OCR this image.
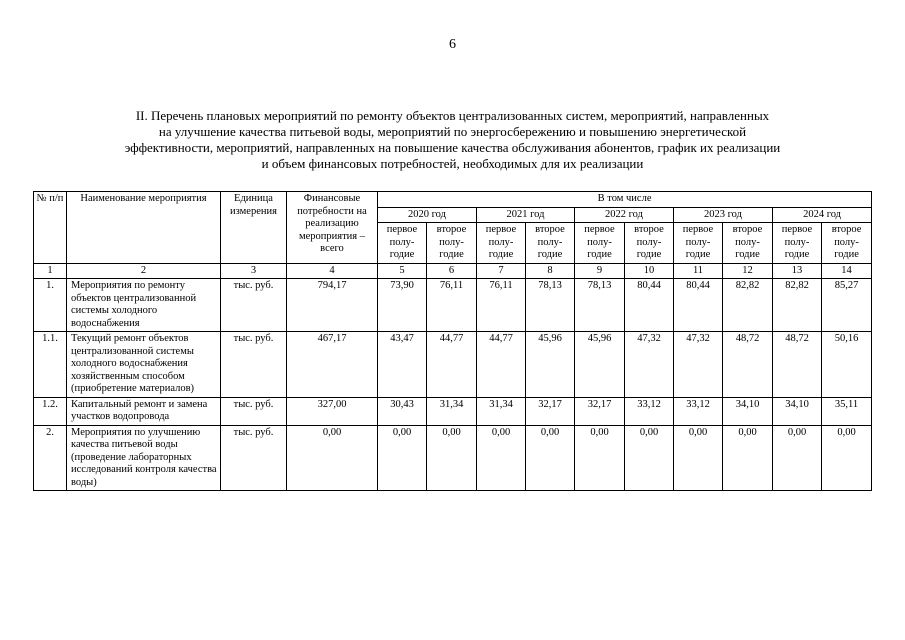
6
II. Перечень плановых мероприятий по ремонту объектов централизованных систем, мероприятий, направленных
на улучшение качества питьевой воды, мероприятий по энергосбережению и повышению энергетической
эффективности, мероприятий, направленных на повышение качества обслуживания абонентов, график их реализации
и объем финансовых потребностей, необходимых для их реализации
№ п/п	Наименование мероприятия	Единица измерения	Финансовые потребности на реализацию мероприятия – всего	В том числе									
				2020 год		2021 год		2022 год		2023 год		2024 год	
				первое полу-годие	второе полу-годие	первое полу-годие	второе полу-годие	первое полу-годие	второе полу-годие	первое полу-годие	второе полу-годие	первое полу-годие	второе полу-годие
1	2	3	4	5	6	7	8	9	10	11	12	13	14
1.	Мероприятия по ремонту объектов централизованной системы холодного водоснабжения	тыс. руб.	794,17	73,90	76,11	76,11	78,13	78,13	80,44	80,44	82,82	82,82	85,27
1.1.	Текущий ремонт объектов централизованной системы холодного водоснабжения хозяйственным способом (приобретение материалов)	тыс. руб.	467,17	43,47	44,77	44,77	45,96	45,96	47,32	47,32	48,72	48,72	50,16
1.2.	Капитальный ремонт и замена участков водопровода	тыс. руб.	327,00	30,43	31,34	31,34	32,17	32,17	33,12	33,12	34,10	34,10	35,11
2.	Мероприятия по улучшению качества питьевой воды (проведение лабораторных исследований контроля качества воды)	тыс. руб.	0,00	0,00	0,00	0,00	0,00	0,00	0,00	0,00	0,00	0,00	0,00
